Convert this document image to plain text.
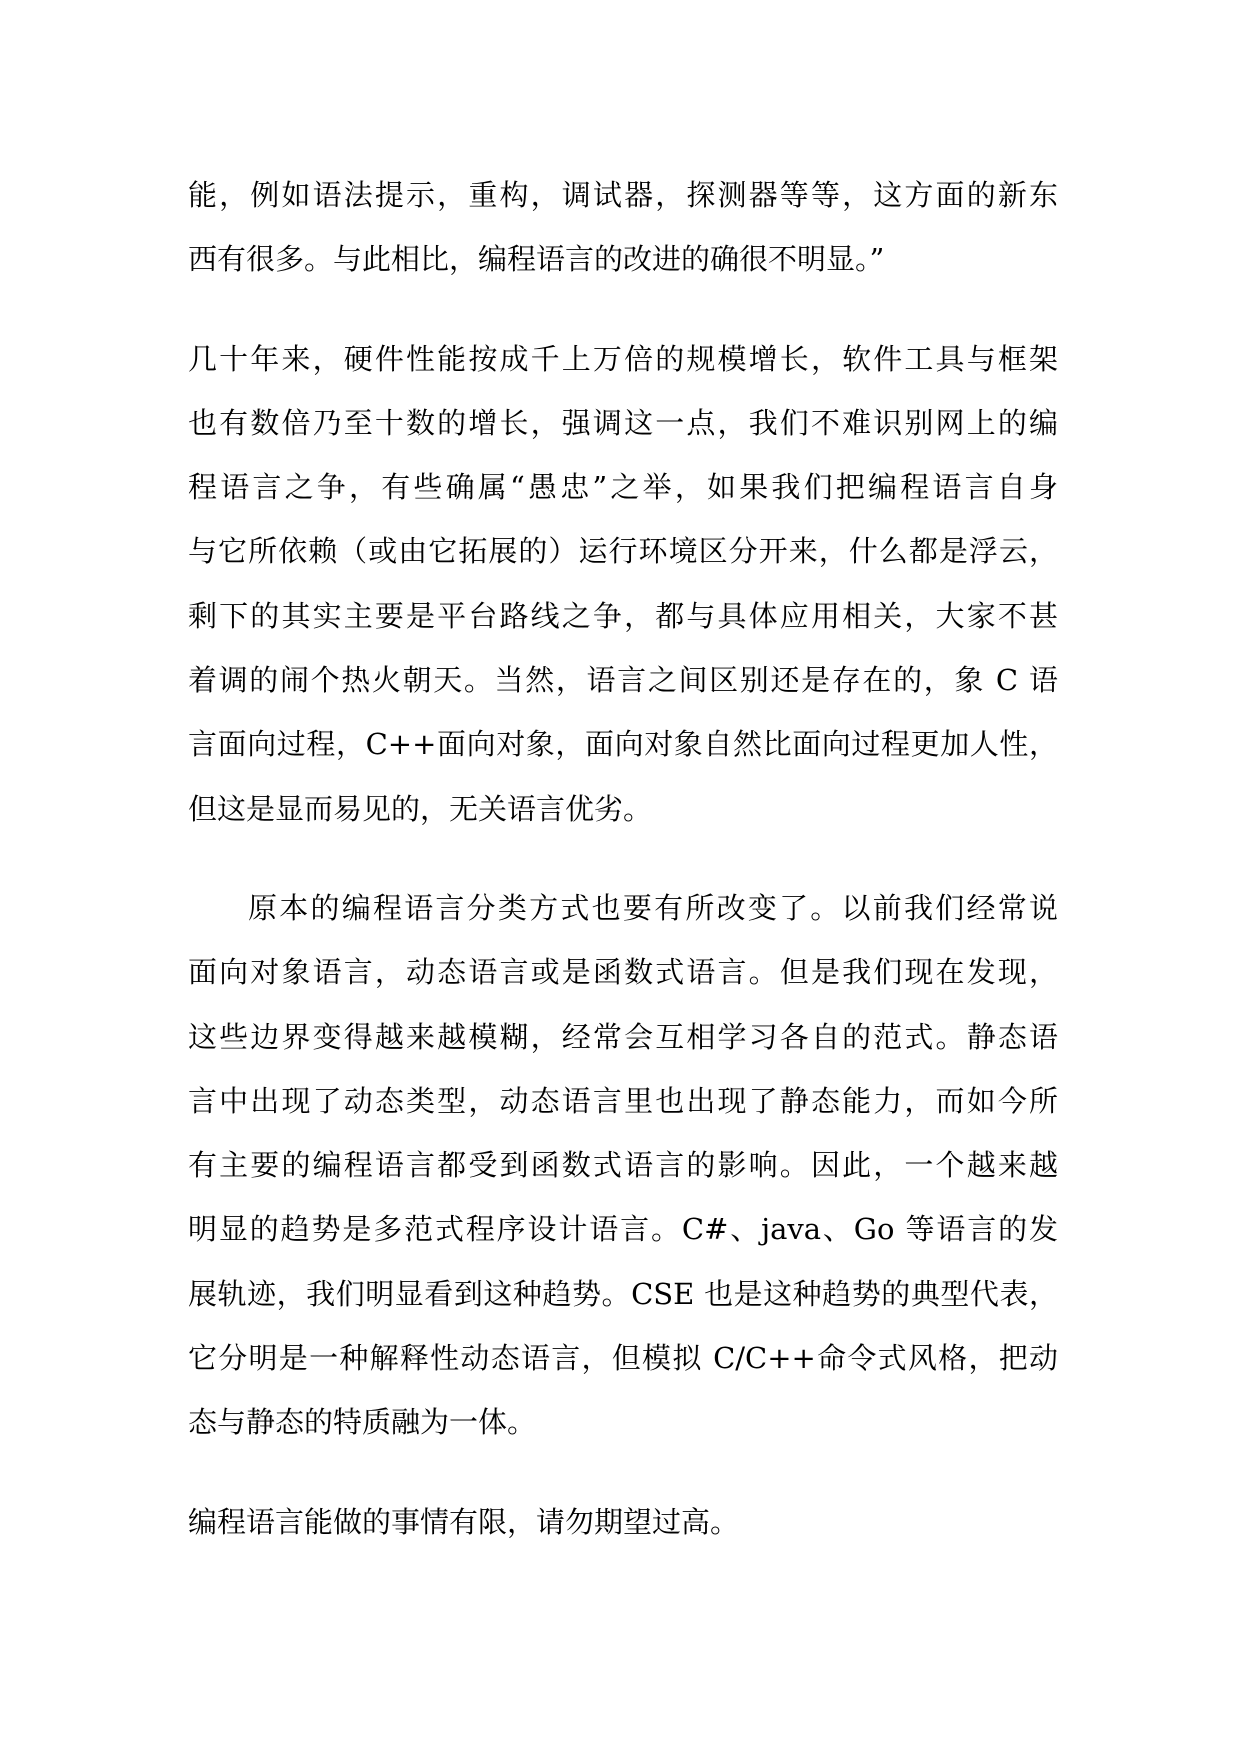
能，例如语法提示，重构，调试器，探测器等等，这方面的新东
西有很多。与此相比，编程语言的改进的确很不明显。”
几十年来，硬件性能按成千上万倍的规模增长，软件工具与框架
也有数倍乃至十数的增长，强调这一点，我们不难识别网上的编
程语言之争，有些确属“愚忠”之举，如果我们把编程语言自身
与它所依赖（或由它拓展的）运行环境区分开来，什么都是浮云，
剩下的其实主要是平台路线之争，都与具体应用相关，大家不甚
着调的闹个热火朝天。当然，语言之间区别还是存在的，象 C 语
言面向过程，C++面向对象，面向对象自然比面向过程更加人性，
但这是显而易见的，无关语言优劣。
原本的编程语言分类方式也要有所改变了。以前我们经常说
面向对象语言，动态语言或是函数式语言。但是我们现在发现，
这些边界变得越来越模糊，经常会互相学习各自的范式。静态语
言中出现了动态类型，动态语言里也出现了静态能力，而如今所
有主要的编程语言都受到函数式语言的影响。因此，一个越来越
明显的趋势是多范式程序设计语言。C#、java、Go 等语言的发
展轨迹，我们明显看到这种趋势。CSE 也是这种趋势的典型代表，
它分明是一种解释性动态语言，但模拟 C/C++命令式风格，把动
态与静态的特质融为一体。
编程语言能做的事情有限，请勿期望过高。
